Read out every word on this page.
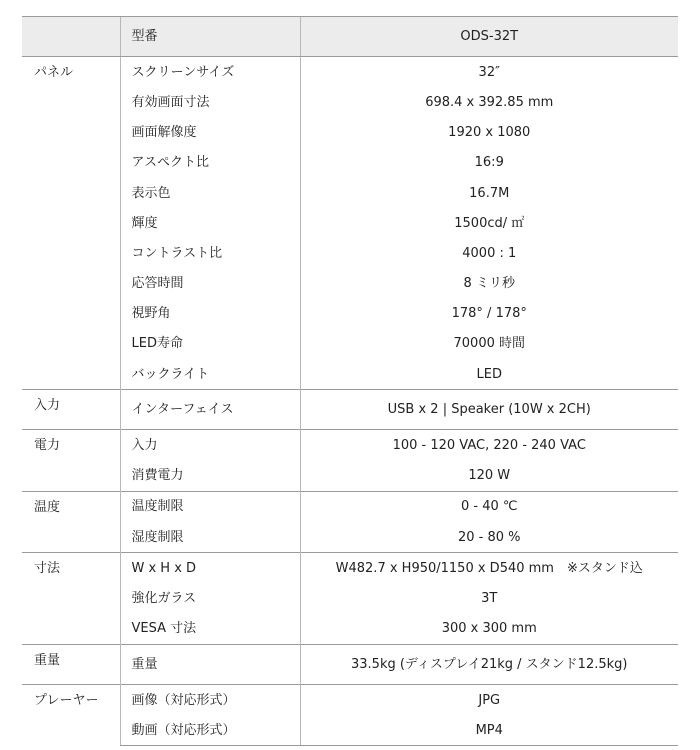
	型番	ODS-32T
パネル	スクリーンサイズ	32″
	有効画面寸法	698.4 x 392.85 mm
	画面解像度	1920 x 1080
	アスペクト比	16:9
	表示色	16.7M
	輝度	1500cd/ ㎡
	コントラスト比	4000 : 1
	応答時間	8 ミリ秒
	視野角	178° / 178°
	LED寿命	70000 時間
	バックライト	LED
入力	インターフェイス	USB x 2 | Speaker (10W x 2CH)
電力	入力	100 - 120 VAC, 220 - 240 VAC
	消費電力	120 W
温度	温度制限	0 - 40 ℃
	湿度制限	20 - 80 %
寸法	W x H x D	W482.7 x H950/1150 x D540 mm　※スタンド込
	強化ガラス	3T
	VESA 寸法	300 x 300 mm
重量	重量	33.5kg (ディスプレイ21kg / スタンド12.5kg)
プレーヤー	画像（対応形式）	JPG
	動画（対応形式）	MP4
